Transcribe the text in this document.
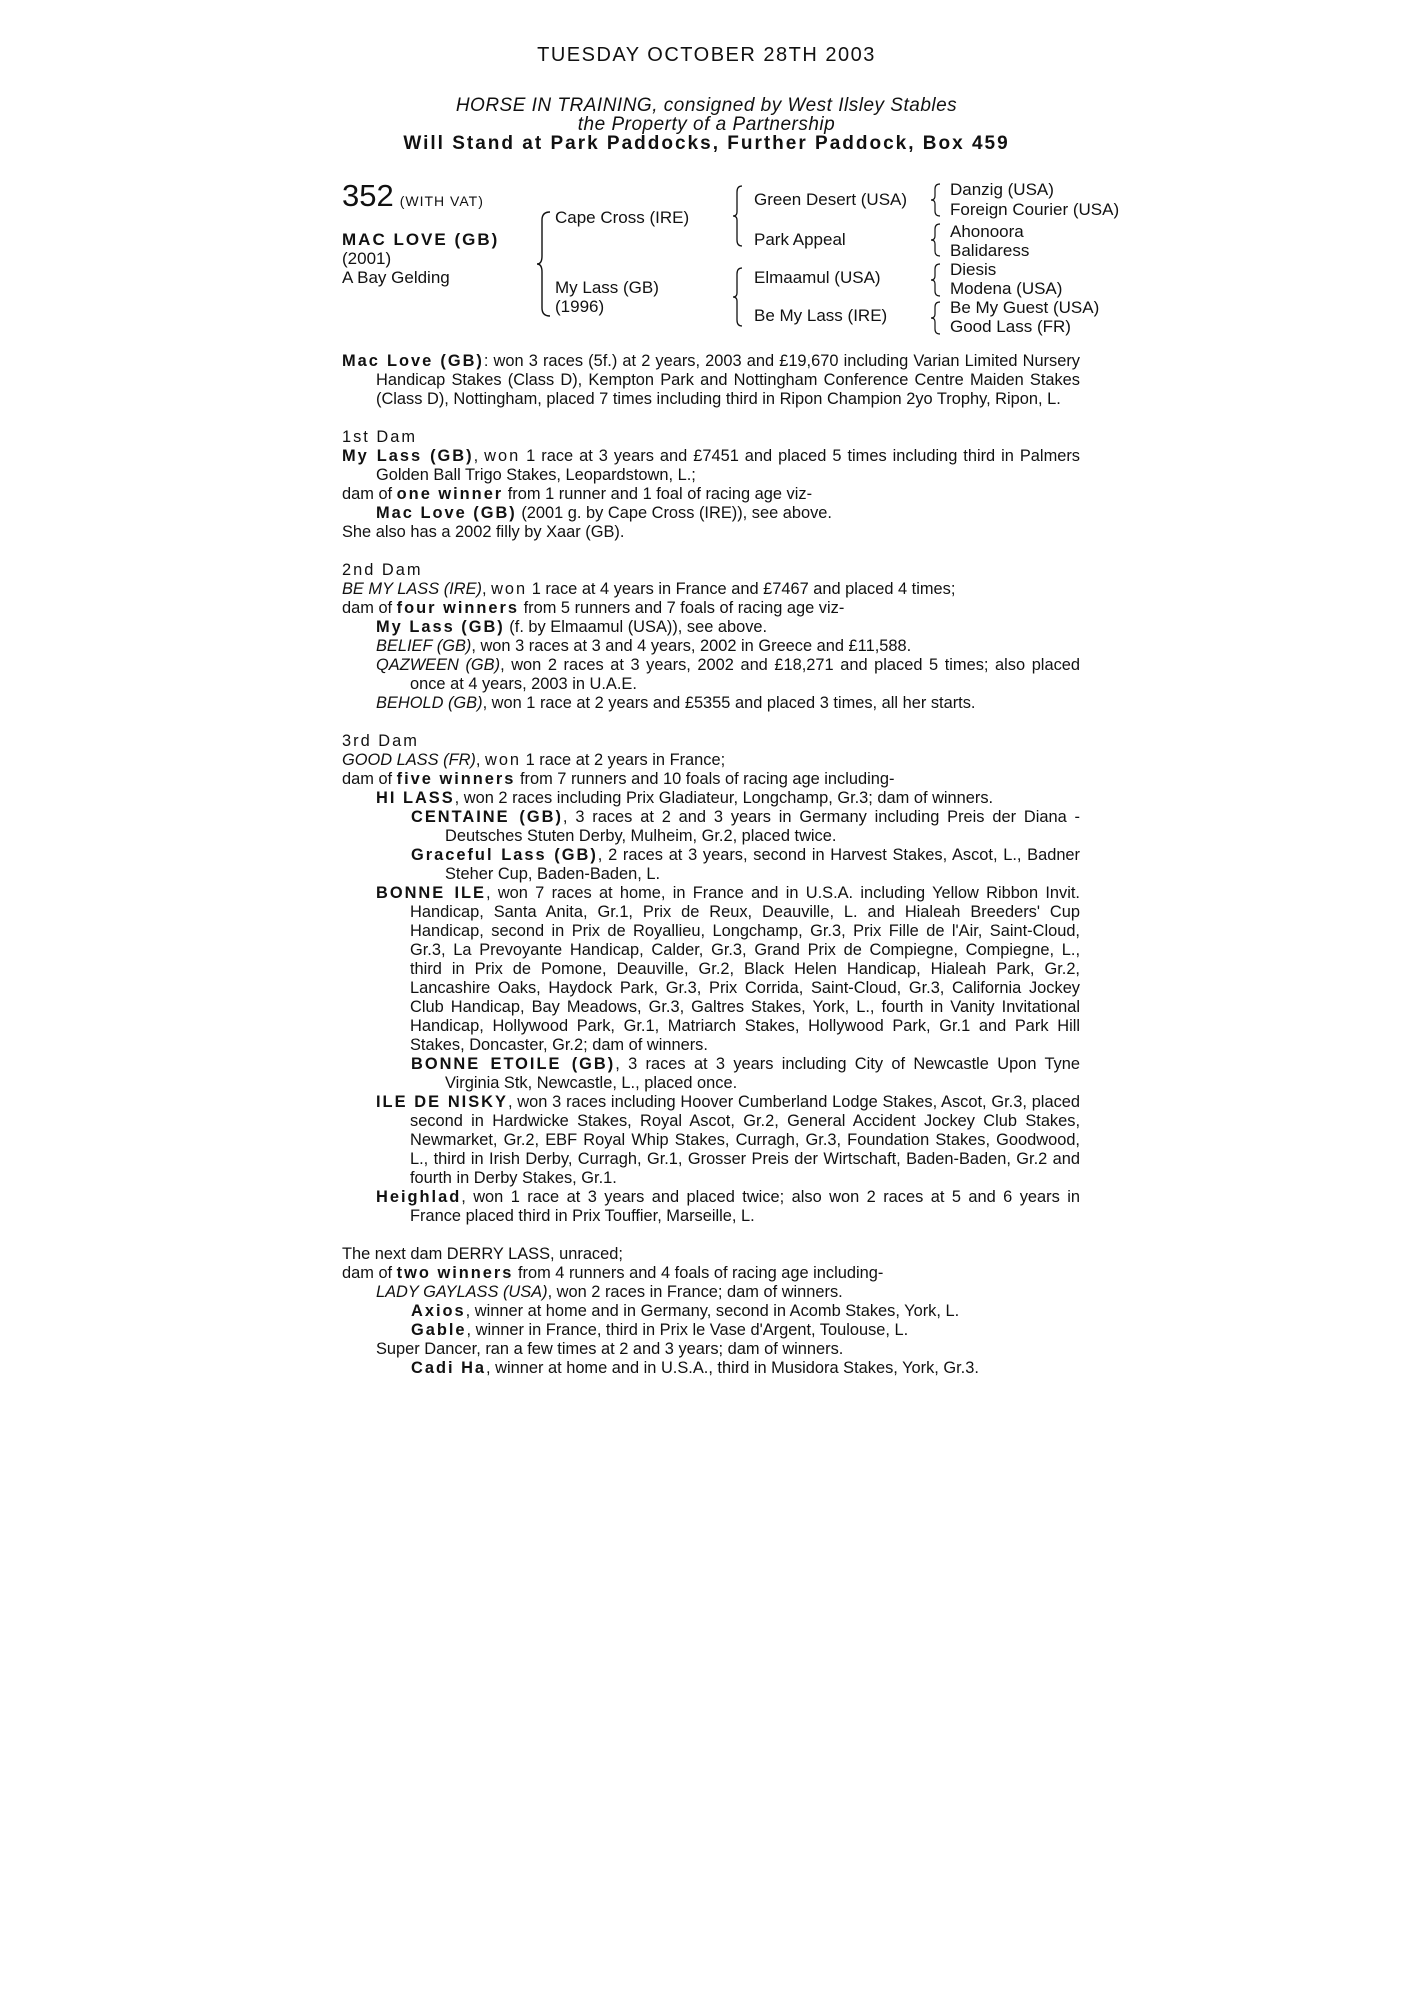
TUESDAY OCTOBER 28TH 2003
HORSE IN TRAINING, consigned by West Ilsley Stables
the Property of a Partnership
Will Stand at Park Paddocks, Further Paddock, Box 459
352 (WITH VAT)
MAC LOVE (GB)
(2001)
A Bay Gelding
Cape Cross (IRE)
My Lass (GB)
(1996)
Green Desert (USA)
Park Appeal
Elmaamul (USA)
Be My Lass (IRE)
Danzig (USA)
Foreign Courier (USA)
Ahonoora
Balidaress
Diesis
Modena (USA)
Be My Guest (USA)
Good Lass (FR)

Mac Love (GB): won 3 races (5f.) at 2 years, 2003 and £19,670 including Varian Limited Nursery Handicap Stakes (Class D), Kempton Park and Nottingham Conference Centre Maiden Stakes (Class D), Nottingham, placed 7 times including third in Ripon Champion 2yo Trophy, Ripon, L.

1st Dam

My Lass (GB), won 1 race at 3 years and £7451 and placed 5 times including third in Palmers Golden Ball Trigo Stakes, Leopardstown, L.;

dam of one winner from 1 runner and 1 foal of racing age viz-

Mac Love (GB) (2001 g. by Cape Cross (IRE)), see above.

She also has a 2002 filly by Xaar (GB).

2nd Dam

BE MY LASS (IRE), won 1 race at 4 years in France and £7467 and placed 4 times;

dam of four winners from 5 runners and 7 foals of racing age viz-

My Lass (GB) (f. by Elmaamul (USA)), see above.

BELIEF (GB), won 3 races at 3 and 4 years, 2002 in Greece and £11,588.

QAZWEEN (GB), won 2 races at 3 years, 2002 and £18,271 and placed 5 times; also placed once at 4 years, 2003 in U.A.E.

BEHOLD (GB), won 1 race at 2 years and £5355 and placed 3 times, all her starts.

3rd Dam

GOOD LASS (FR), won 1 race at 2 years in France;

dam of five winners from 7 runners and 10 foals of racing age including-

HI LASS, won 2 races including Prix Gladiateur, Longchamp, Gr.3; dam of winners.

CENTAINE (GB), 3 races at 2 and 3 years in Germany including Preis der Diana - Deutsches Stuten Derby, Mulheim, Gr.2, placed twice.

Graceful Lass (GB), 2 races at 3 years, second in Harvest Stakes, Ascot, L., Badner Steher Cup, Baden-Baden, L.

BONNE ILE, won 7 races at home, in France and in U.S.A. including Yellow Ribbon Invit. Handicap, Santa Anita, Gr.1, Prix de Reux, Deauville, L. and Hialeah Breeders' Cup Handicap, second in Prix de Royallieu, Longchamp, Gr.3, Prix Fille de l'Air, Saint-Cloud, Gr.3, La Prevoyante Handicap, Calder, Gr.3, Grand Prix de Compiegne, Compiegne, L., third in Prix de Pomone, Deauville, Gr.2, Black Helen Handicap, Hialeah Park, Gr.2, Lancashire Oaks, Haydock Park, Gr.3, Prix Corrida, Saint-Cloud, Gr.3, California Jockey Club Handicap, Bay Meadows, Gr.3, Galtres Stakes, York, L., fourth in Vanity Invitational Handicap, Hollywood Park, Gr.1, Matriarch Stakes, Hollywood Park, Gr.1 and Park Hill Stakes, Doncaster, Gr.2; dam of winners.

BONNE ETOILE (GB), 3 races at 3 years including City of Newcastle Upon Tyne Virginia Stk, Newcastle, L., placed once.

ILE DE NISKY, won 3 races including Hoover Cumberland Lodge Stakes, Ascot, Gr.3, placed second in Hardwicke Stakes, Royal Ascot, Gr.2, General Accident Jockey Club Stakes, Newmarket, Gr.2, EBF Royal Whip Stakes, Curragh, Gr.3, Foundation Stakes, Goodwood, L., third in Irish Derby, Curragh, Gr.1, Grosser Preis der Wirtschaft, Baden-Baden, Gr.2 and fourth in Derby Stakes, Gr.1.

Heighlad, won 1 race at 3 years and placed twice; also won 2 races at 5 and 6 years in France placed third in Prix Touffier, Marseille, L.

The next dam DERRY LASS, unraced;

dam of two winners from 4 runners and 4 foals of racing age including-

LADY GAYLASS (USA), won 2 races in France; dam of winners.

Axios, winner at home and in Germany, second in Acomb Stakes, York, L.

Gable, winner in France, third in Prix le Vase d'Argent, Toulouse, L.

Super Dancer, ran a few times at 2 and 3 years; dam of winners.

Cadi Ha, winner at home and in U.S.A., third in Musidora Stakes, York, Gr.3.
